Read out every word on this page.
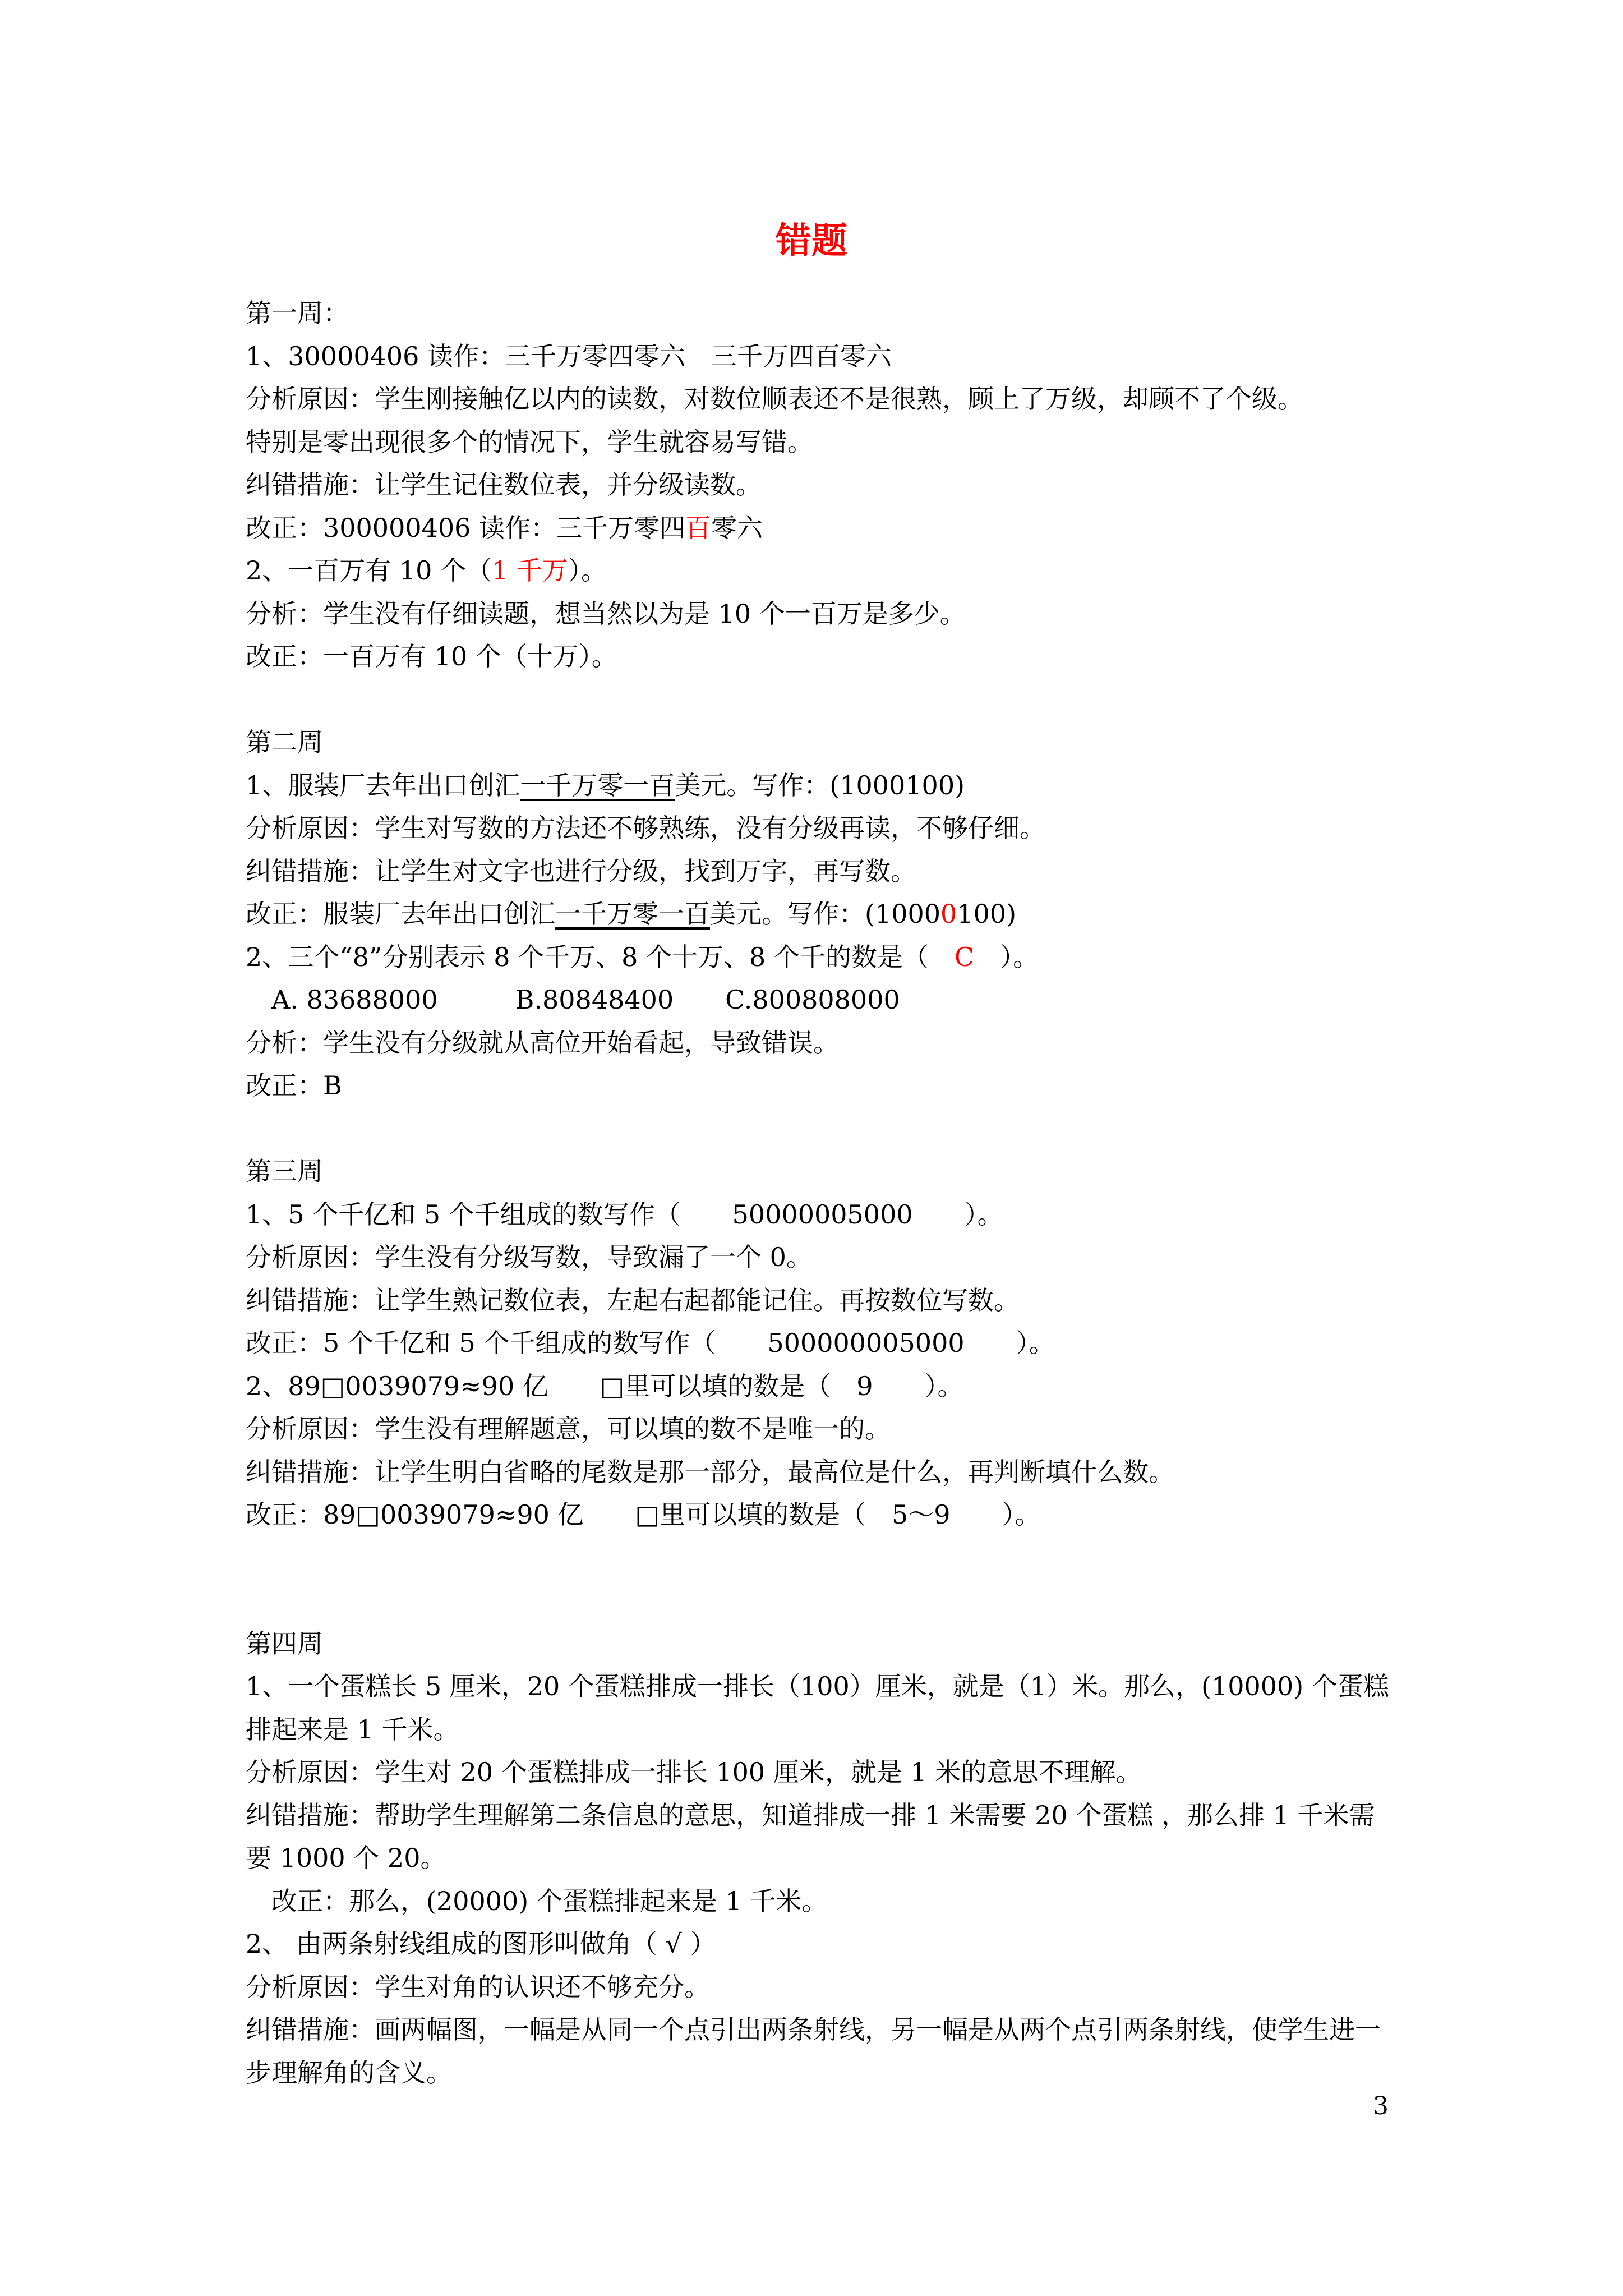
错题

第一周：

1、30000406 读作：三千万零四零六　三千万四百零六

分析原因：学生刚接触亿以内的读数，对数位顺表还不是很熟，顾上了万级，却顾不了个级。

特别是零出现很多个的情况下，学生就容易写错。

纠错措施：让学生记住数位表，并分级读数。

改正：300000406 读作：三千万零四百零六

2、一百万有 10 个（1 千万）。

分析：学生没有仔细读题，想当然以为是 10 个一百万是多少。

改正：一百万有 10 个（十万）。

第二周

1、服装厂去年出口创汇一千万零一百美元。写作：(1000100)

分析原因：学生对写数的方法还不够熟练，没有分级再读，不够仔细。

纠错措施：让学生对文字也进行分级，找到万字，再写数。

改正：服装厂去年出口创汇一千万零一百美元。写作：(10000100)

2、三个“8”分别表示 8 个千万、8 个十万、8 个千的数是（　C　）。

　A. 83688000　　　B.80848400　　C.800808000

分析：学生没有分级就从高位开始看起，导致错误。

改正：B

第三周

1、5 个千亿和 5 个千组成的数写作（　　50000005000　　）。

分析原因：学生没有分级写数，导致漏了一个 0。

纠错措施：让学生熟记数位表，左起右起都能记住。再按数位写数。

改正：5 个千亿和 5 个千组成的数写作（　　500000005000　　）。

2、89□0039079≈90 亿　　□里可以填的数是（　9　　）。

分析原因：学生没有理解题意，可以填的数不是唯一的。

纠错措施：让学生明白省略的尾数是那一部分，最高位是什么，再判断填什么数。

改正：89□0039079≈90 亿　　□里可以填的数是（　5～9　　）。

第四周

1、一个蛋糕长 5 厘米，20 个蛋糕排成一排长（100）厘米，就是（1）米。那么，(10000) 个蛋糕排起来是 1 千米。

分析原因：学生对 20 个蛋糕排成一排长 100 厘米，就是 1 米的意思不理解。

纠错措施：帮助学生理解第二条信息的意思，知道排成一排 1 米需要 20 个蛋糕 ，那么排 1 千米需要 1000 个 20。

　改正：那么，(20000) 个蛋糕排起来是 1 千米。

2、 由两条射线组成的图形叫做角（ √ ）

分析原因：学生对角的认识还不够充分。

纠错措施：画两幅图，一幅是从同一个点引出两条射线，另一幅是从两个点引两条射线，使学生进一步理解角的含义。

3
